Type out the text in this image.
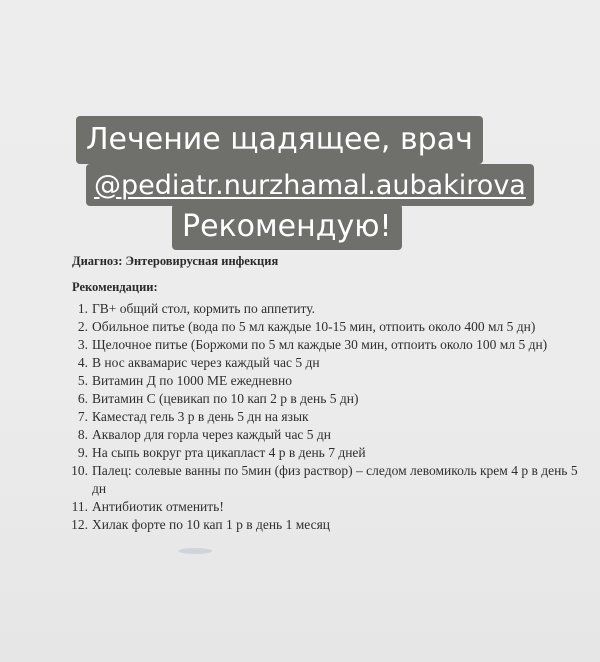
Лечение щадящее, врач
@pediatr.nurzhamal.aubakirova
Рекомендую!
Диагноз: Энтеровирусная инфекция
Рекомендации:
1. ГВ+ общий стол, кормить по аппетиту.
2. Обильное питье (вода по 5 мл каждые 10-15 мин, отпоить около 400 мл 5 дн)
3. Щелочное питье (Боржоми по 5 мл каждые 30 мин, отпоить около 100 мл 5 дн)
4. В нос аквамарис через каждый час 5 дн
5. Витамин Д по 1000 МЕ ежедневно
6. Витамин С (цевикап по 10 кап 2 р в день 5 дн)
7. Каместад гель 3 р в день 5 дн на язык
8. Аквалор для горла через каждый час 5 дн
9. На сыпь вокруг рта цикапласт 4 р в день 7 дней
10. Палец: солевые ванны по 5мин (физ раствор) – следом левомиколь крем 4 р в день 5 дн
11. Антибиотик отменить!
12. Хилак форте по 10 кап 1 р в день 1 месяц
